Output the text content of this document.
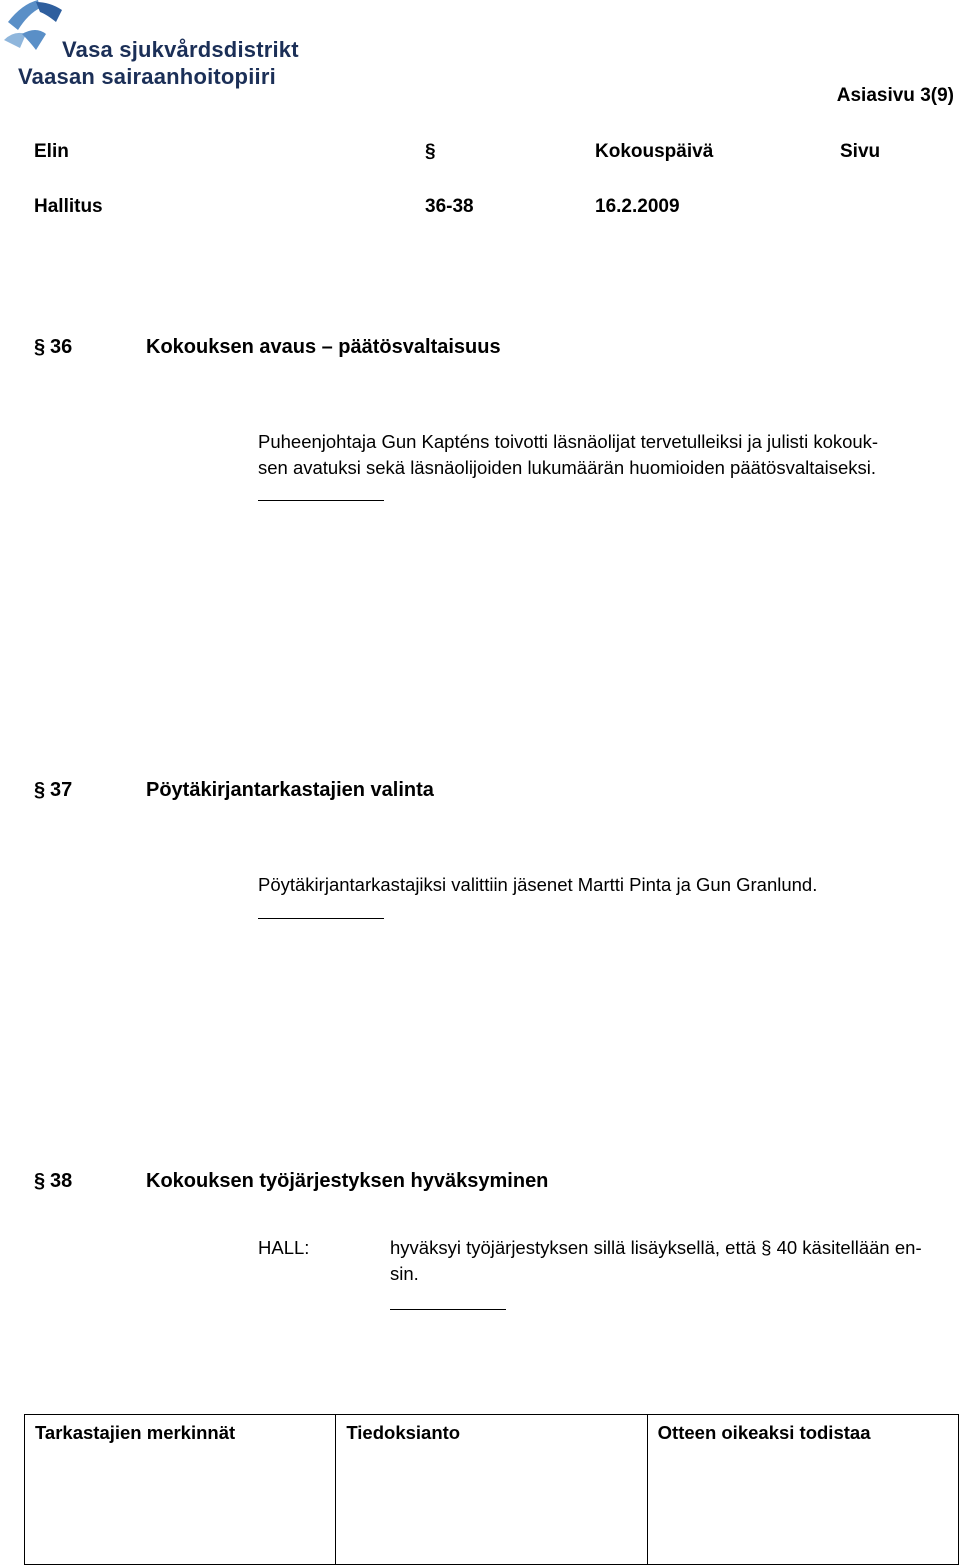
Vasa sjukvårdsdistrikt
Vaasan sairaanhoitopiiri
Asiasivu 3(9)
Elin	§	Kokouspäivä	Sivu
Hallitus	36-38	16.2.2009
§ 36	Kokouksen avaus – päätösvaltaisuus
Puheenjohtaja Gun Kapténs toivotti läsnäolijat tervetulleiksi ja julisti kokouk-
sen avatuksi sekä läsnäolijoiden lukumäärän huomioiden päätösvaltaiseksi.
§ 37	Pöytäkirjantarkastajien valinta
Pöytäkirjantarkastajiksi valittiin jäsenet Martti Pinta ja Gun Granlund.
§ 38	Kokouksen työjärjestyksen hyväksyminen
HALL:	hyväksyi työjärjestyksen sillä lisäyksellä, että § 40 käsitellään en-
sin.
Tarkastajien merkinnät	Tiedoksianto	Otteen oikeaksi todistaa
